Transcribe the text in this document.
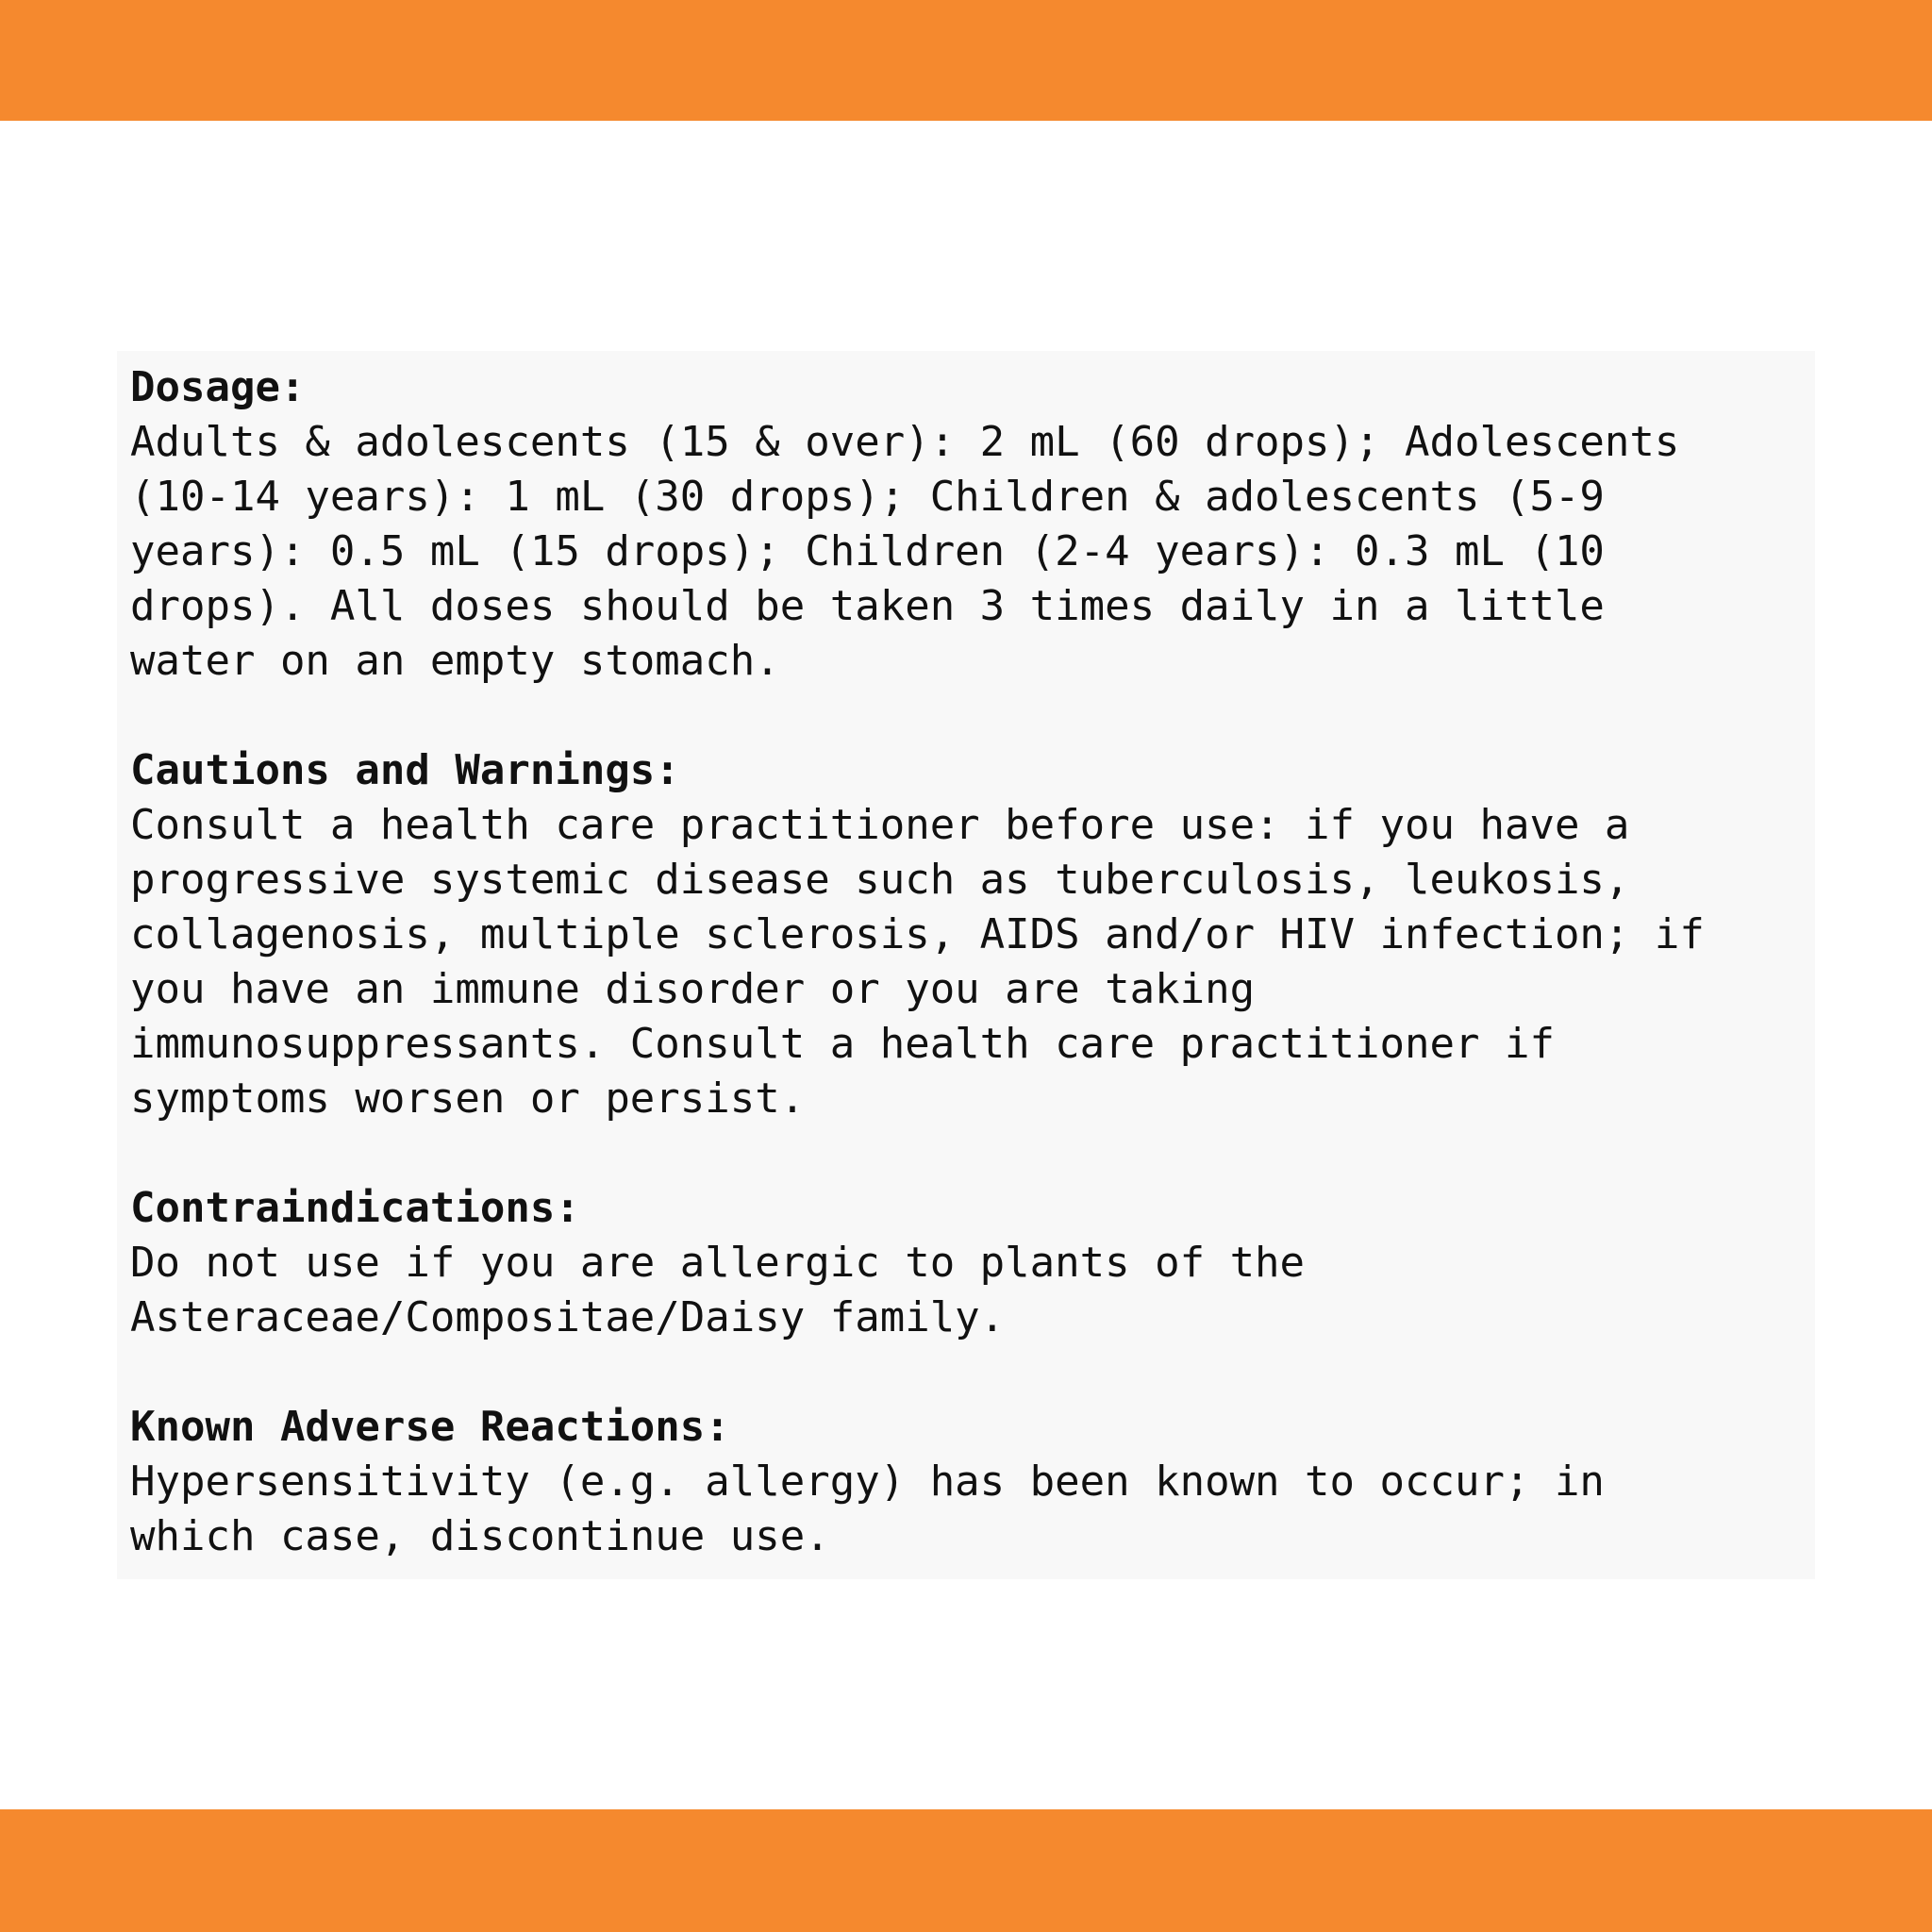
Dosage:

Adults & adolescents (15 & over): 2 mL (60 drops); Adolescents

(10-14 years): 1 mL (30 drops); Children & adolescents (5-9

years): 0.5 mL (15 drops); Children (2-4 years): 0.3 mL (10

drops). All doses should be taken 3 times daily in a little

water on an empty stomach.

Cautions and Warnings:

Consult a health care practitioner before use: if you have a

progressive systemic disease such as tuberculosis, leukosis,

collagenosis, multiple sclerosis, AIDS and/or HIV infection; if

you have an immune disorder or you are taking

immunosuppressants. Consult a health care practitioner if

symptoms worsen or persist.

Contraindications:

Do not use if you are allergic to plants of the

Asteraceae/Compositae/Daisy family.

Known Adverse Reactions:

Hypersensitivity (e.g. allergy) has been known to occur; in

which case, discontinue use.
